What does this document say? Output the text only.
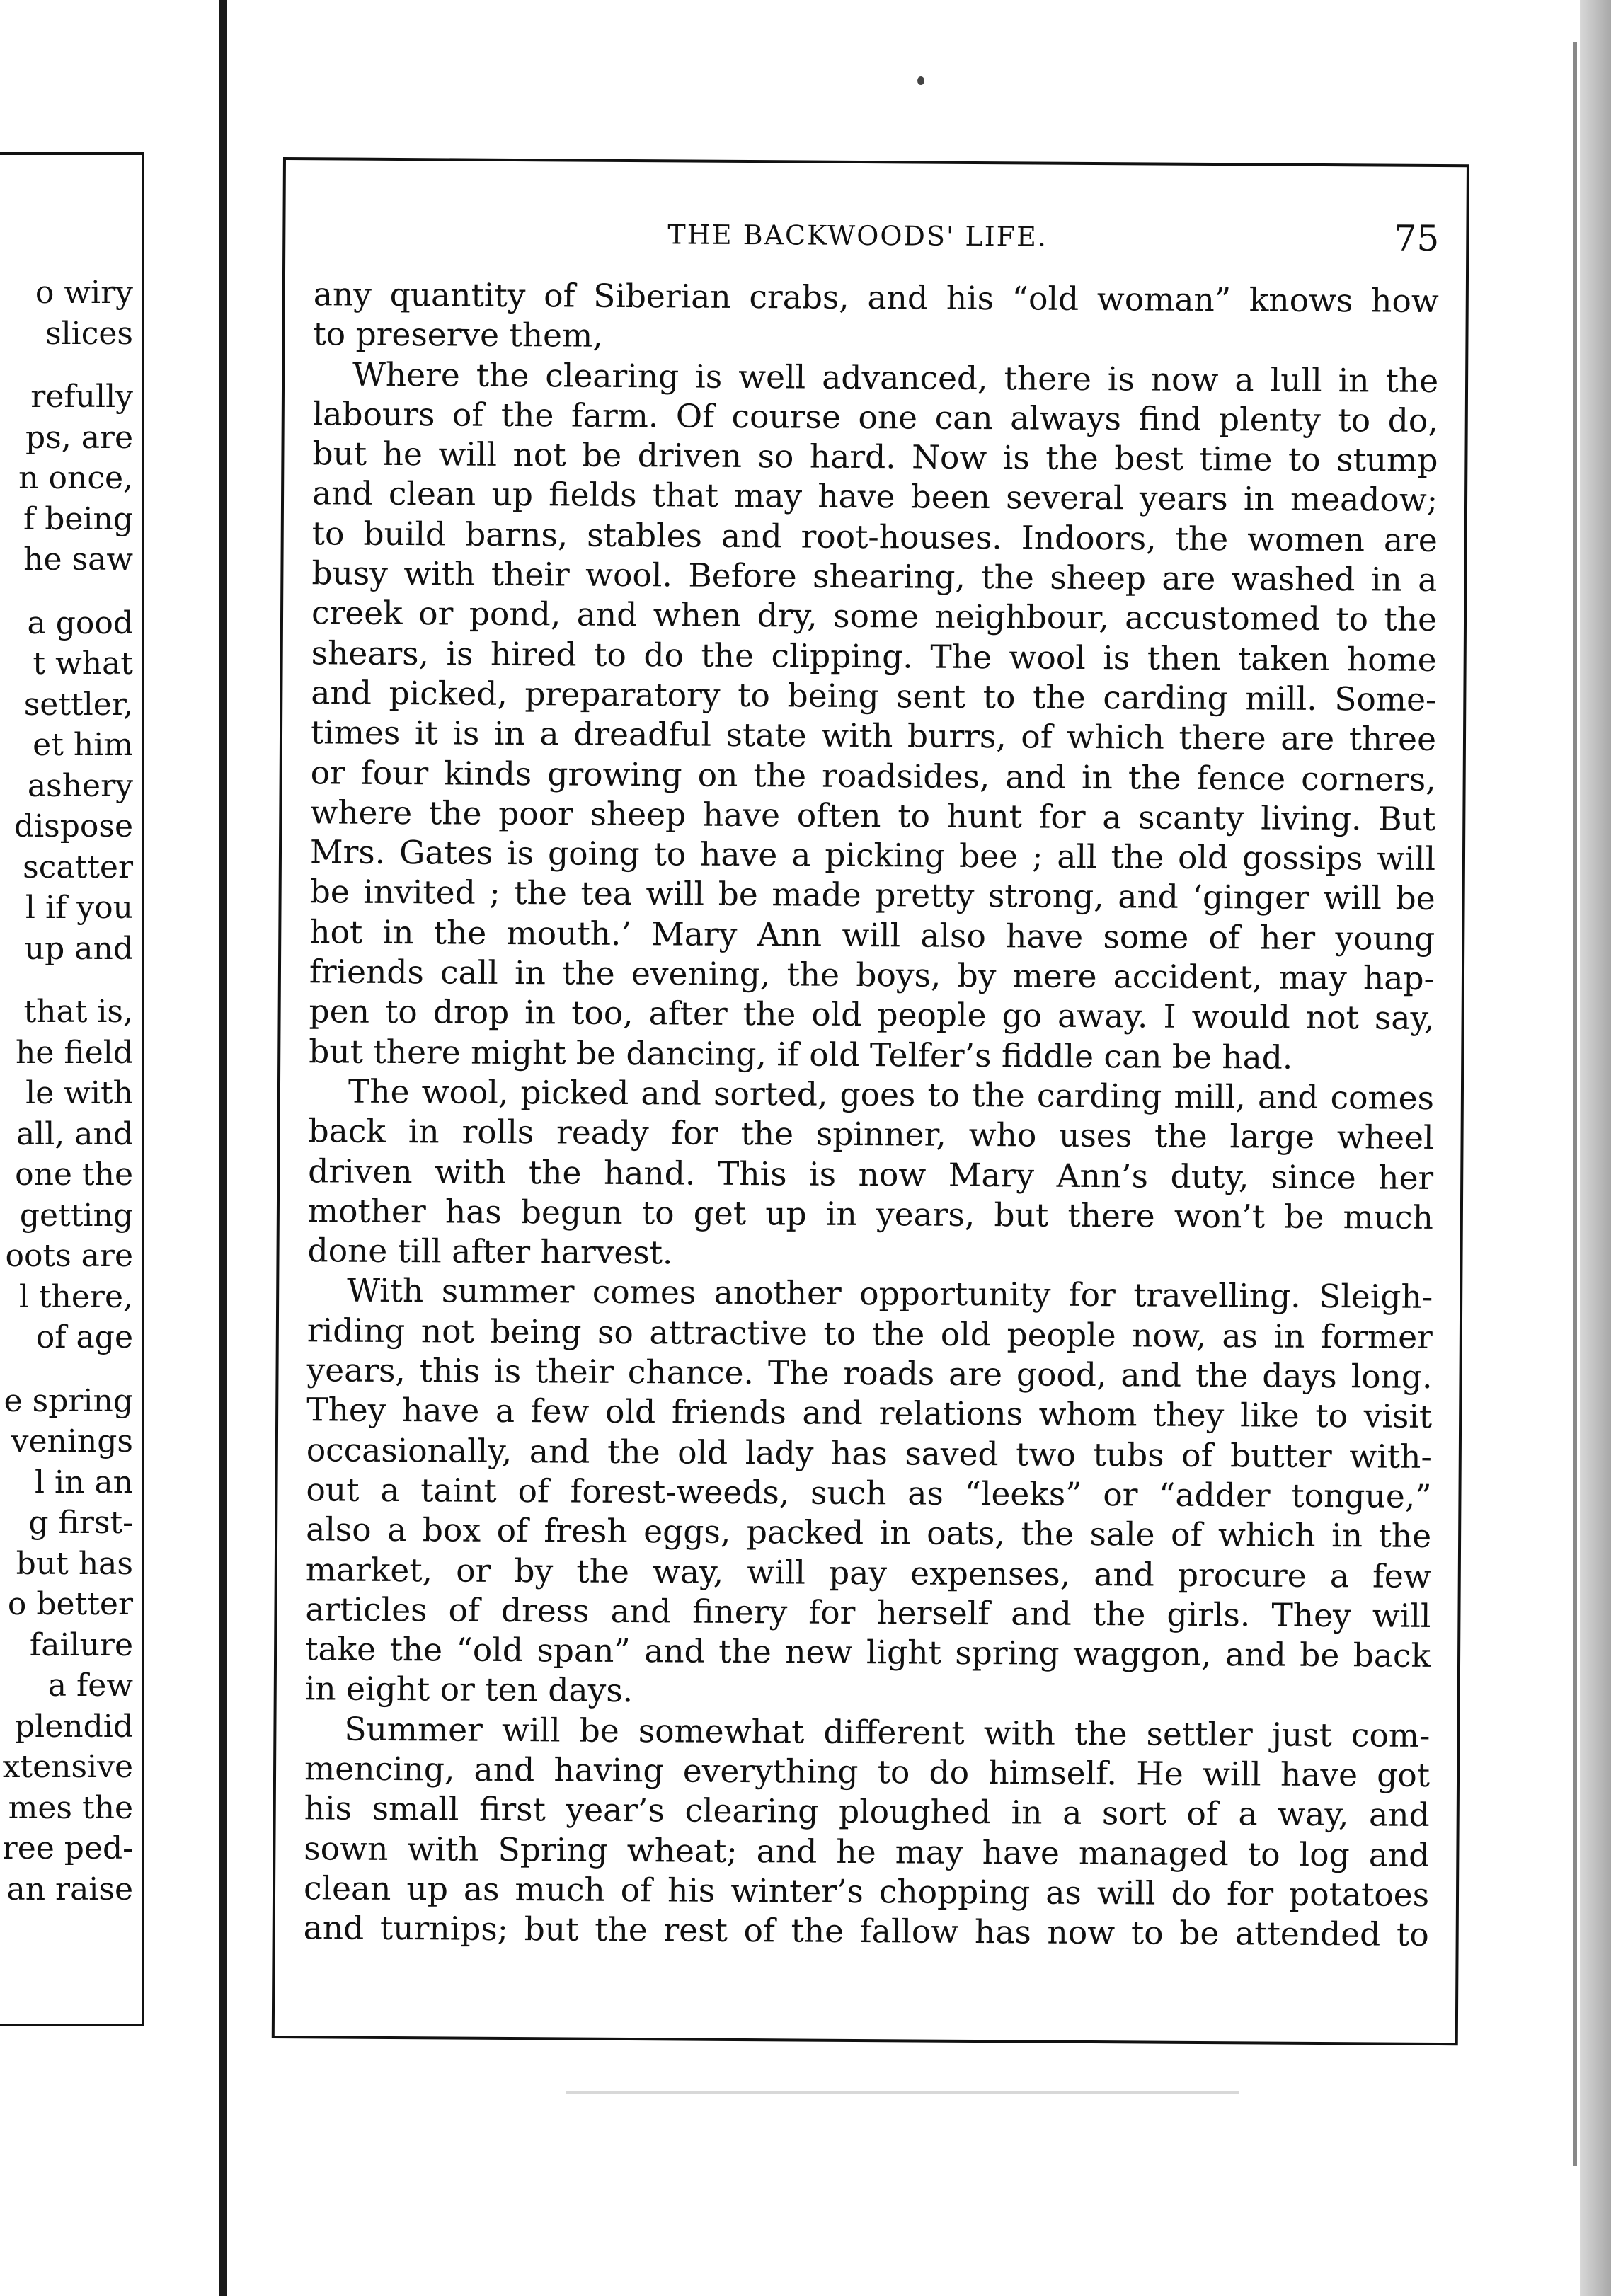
o wiry
slices
refully
ps, are
n once,
f being
he saw
a good
t what
settler,
et him
ashery
dispose
scatter
l if you
up and
that is,
he field
le with
all, and
one the
getting
oots are
l there,
of age
e spring
venings
l in an
g first-
but has
o better
failure
a few
plendid
xtensive
mes the
ree ped-
an raise
THE BACKWOODS' LIFE.	75
any quantity of Siberian crabs, and his “old woman” knows how
to preserve them,
Where the clearing is well advanced, there is now a lull in the
labours of the farm. Of course one can always find plenty to do,
but he will not be driven so hard. Now is the best time to stump
and clean up fields that may have been several years in meadow;
to build barns, stables and root-houses. Indoors, the women are
busy with their wool. Before shearing, the sheep are washed in a
creek or pond, and when dry, some neighbour, accustomed to the
shears, is hired to do the clipping. The wool is then taken home
and picked, preparatory to being sent to the carding mill. Some-
times it is in a dreadful state with burrs, of which there are three
or four kinds growing on the roadsides, and in the fence corners,
where the poor sheep have often to hunt for a scanty living. But
Mrs. Gates is going to have a picking bee ; all the old gossips will
be invited ; the tea will be made pretty strong, and ‘ginger will be
hot in the mouth.’ Mary Ann will also have some of her young
friends call in the evening, the boys, by mere accident, may hap-
pen to drop in too, after the old people go away. I would not say,
but there might be dancing, if old Telfer’s fiddle can be had.
The wool, picked and sorted, goes to the carding mill, and comes
back in rolls ready for the spinner, who uses the large wheel
driven with the hand. This is now Mary Ann’s duty, since her
mother has begun to get up in years, but there won’t be much
done till after harvest.
With summer comes another opportunity for travelling. Sleigh-
riding not being so attractive to the old people now, as in former
years, this is their chance. The roads are good, and the days long.
They have a few old friends and relations whom they like to visit
occasionally, and the old lady has saved two tubs of butter with-
out a taint of forest-weeds, such as “leeks” or “adder tongue,”
also a box of fresh eggs, packed in oats, the sale of which in the
market, or by the way, will pay expenses, and procure a few
articles of dress and finery for herself and the girls. They will
take the “old span” and the new light spring waggon, and be back
in eight or ten days.
Summer will be somewhat different with the settler just com-
mencing, and having everything to do himself. He will have got
his small first year’s clearing ploughed in a sort of a way, and
sown with Spring wheat; and he may have managed to log and
clean up as much of his winter’s chopping as will do for potatoes
and turnips; but the rest of the fallow has now to be attended to
